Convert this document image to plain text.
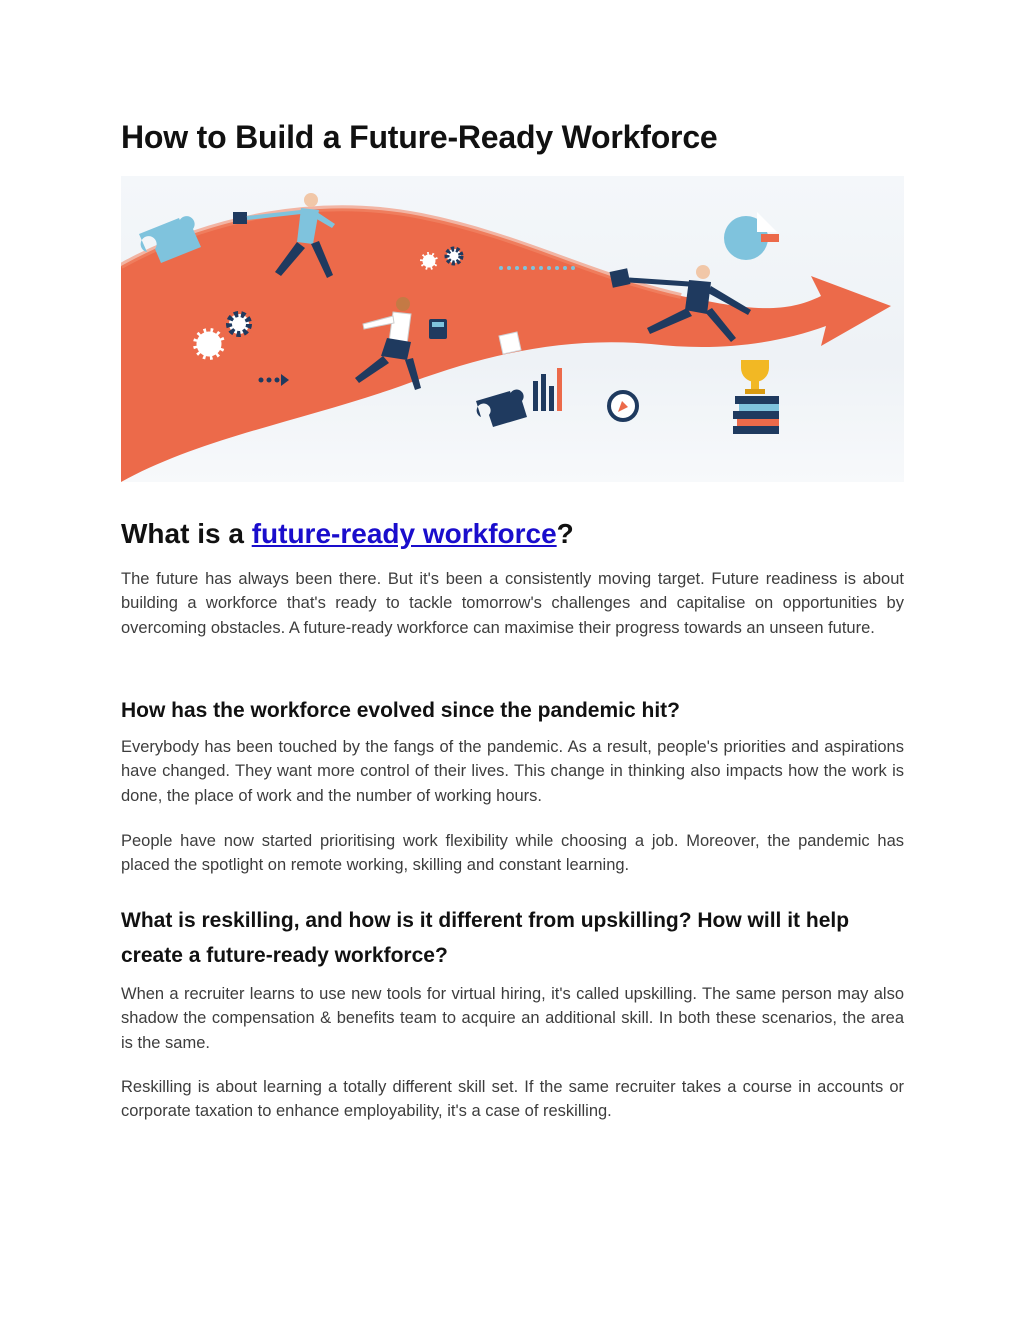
How to Build a Future-Ready Workforce
What is a future-ready workforce?

The future has always been there. But it's been a consistently moving target. Future readiness is about building a workforce that's ready to tackle tomorrow's challenges and capitalise on opportunities by overcoming obstacles. A future-ready workforce can maximise their progress towards an unseen future.

How has the workforce evolved since the pandemic hit?

Everybody has been touched by the fangs of the pandemic. As a result, people's priorities and aspirations have changed. They want more control of their lives. This change in thinking also impacts how the work is done, the place of work and the number of working hours.

People have now started prioritising work flexibility while choosing a job. Moreover, the pandemic has placed the spotlight on remote working, skilling and constant learning.

What is reskilling, and how is it different from upskilling? How will it help create a future-ready workforce?

When a recruiter learns to use new tools for virtual hiring, it's called upskilling. The same person may also shadow the compensation & benefits team to acquire an additional skill. In both these scenarios, the area is the same.

Reskilling is about learning a totally different skill set. If the same recruiter takes a course in accounts or corporate taxation to enhance employability, it's a case of reskilling.
